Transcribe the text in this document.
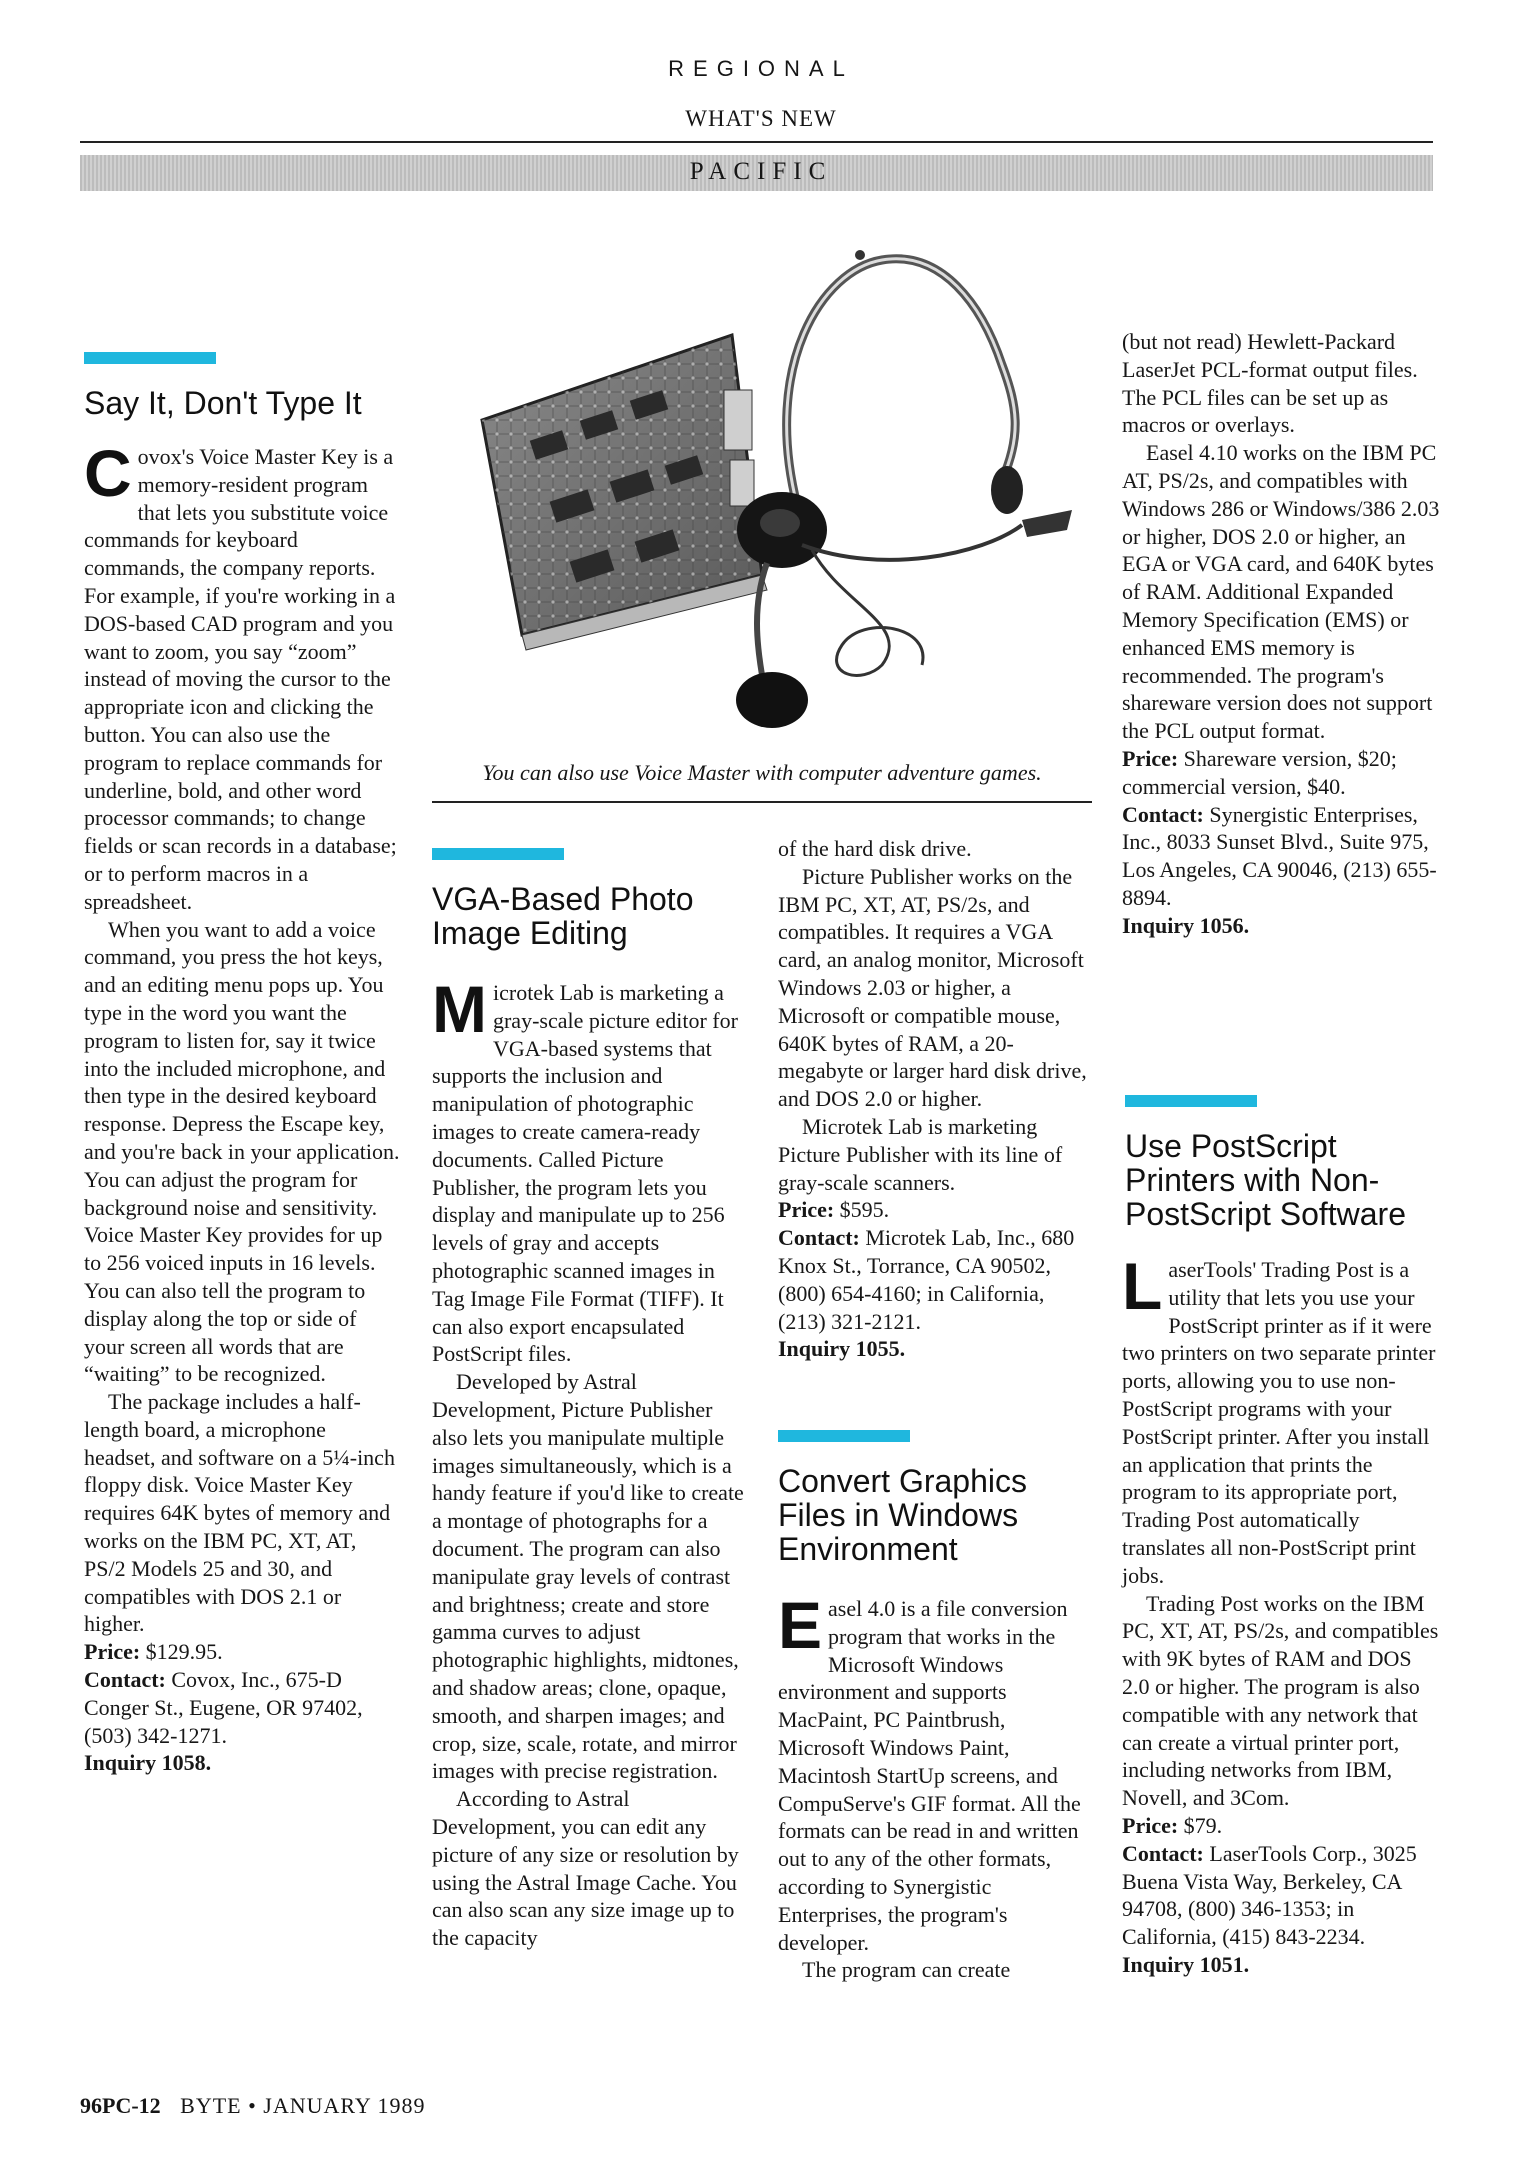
REGIONAL
WHAT'S NEW
PACIFIC
Say It, Don't Type It

Covox's Voice Master Key is a memory-resident program that lets you substitute voice commands for keyboard commands, the company reports. For example, if you're working in a DOS-based CAD program and you want to zoom, you say “zoom” instead of moving the cursor to the appropriate icon and clicking the button. You can also use the program to replace commands for underline, bold, and other word processor commands; to change fields or scan records in a database; or to perform macros in a spreadsheet.

When you want to add a voice command, you press the hot keys, and an editing menu pops up. You type in the word you want the program to listen for, say it twice into the included microphone, and then type in the desired keyboard response. Depress the Escape key, and you're back in your application. You can adjust the program for background noise and sensitivity. Voice Master Key provides for up to 256 voiced inputs in 16 levels. You can also tell the program to display along the top or side of your screen all words that are “waiting” to be recognized.

The package includes a half-length board, a microphone headset, and software on a 5¼-inch floppy disk. Voice Master Key requires 64K bytes of memory and works on the IBM PC, XT, AT, PS/2 Models 25 and 30, and compatibles with DOS 2.1 or higher.

Price: $129.95.

Contact: Covox, Inc., 675-D Conger St., Eugene, OR 97402, (503) 342-1271.

Inquiry 1058.

You can also use Voice Master with computer adventure games.
VGA-Based Photo Image Editing

Microtek Lab is marketing a gray-scale picture editor for VGA-based systems that supports the inclusion and manipulation of photographic images to create camera-ready documents. Called Picture Publisher, the program lets you display and manipulate up to 256 levels of gray and accepts photographic scanned images in Tag Image File Format (TIFF). It can also export encapsulated PostScript files.

Developed by Astral Development, Picture Publisher also lets you manipulate multiple images simultaneously, which is a handy feature if you'd like to create a montage of photographs for a document. The program can also manipulate gray levels of contrast and brightness; create and store gamma curves to adjust photographic highlights, midtones, and shadow areas; clone, opaque, smooth, and sharpen images; and crop, size, scale, rotate, and mirror images with precise registration.

According to Astral Development, you can edit any picture of any size or resolution by using the Astral Image Cache. You can also scan any size image up to the capacity

of the hard disk drive.

Picture Publisher works on the IBM PC, XT, AT, PS/2s, and compatibles. It requires a VGA card, an analog monitor, Microsoft Windows 2.03 or higher, a Microsoft or compatible mouse, 640K bytes of RAM, a 20-megabyte or larger hard disk drive, and DOS 2.0 or higher.

Microtek Lab is marketing Picture Publisher with its line of gray-scale scanners.

Price: $595.

Contact: Microtek Lab, Inc., 680 Knox St., Torrance, CA 90502, (800) 654-4160; in California, (213) 321-2121.

Inquiry 1055.

Convert Graphics Files in Windows Environment

Easel 4.0 is a file conversion program that works in the Microsoft Windows environment and supports MacPaint, PC Paintbrush, Microsoft Windows Paint, Macintosh StartUp screens, and CompuServe's GIF format. All the formats can be read in and written out to any of the other formats, according to Synergistic Enterprises, the program's developer.

The program can create

(but not read) Hewlett-Packard LaserJet PCL-format output files. The PCL files can be set up as macros or overlays.

Easel 4.10 works on the IBM PC AT, PS/2s, and compatibles with Windows 286 or Windows/386 2.03 or higher, DOS 2.0 or higher, an EGA or VGA card, and 640K bytes of RAM. Additional Expanded Memory Specification (EMS) or enhanced EMS memory is recommended. The program's shareware version does not support the PCL output format.

Price: Shareware version, $20; commercial version, $40.

Contact: Synergistic Enterprises, Inc., 8033 Sunset Blvd., Suite 975, Los Angeles, CA 90046, (213) 655-8894.

Inquiry 1056.

Use PostScript Printers with Non-PostScript Software

LaserTools' Trading Post is a utility that lets you use your PostScript printer as if it were two printers on two separate printer ports, allowing you to use non-PostScript programs with your PostScript printer. After you install an application that prints the program to its appropriate port, Trading Post automatically translates all non-PostScript print jobs.

Trading Post works on the IBM PC, XT, AT, PS/2s, and compatibles with 9K bytes of RAM and DOS 2.0 or higher. The program is also compatible with any network that can create a virtual printer port, including networks from IBM, Novell, and 3Com.

Price: $79.

Contact: LaserTools Corp., 3025 Buena Vista Way, Berkeley, CA 94708, (800) 346-1353; in California, (415) 843-2234.

Inquiry 1051.

96PC-12 BYTE • JANUARY 1989
